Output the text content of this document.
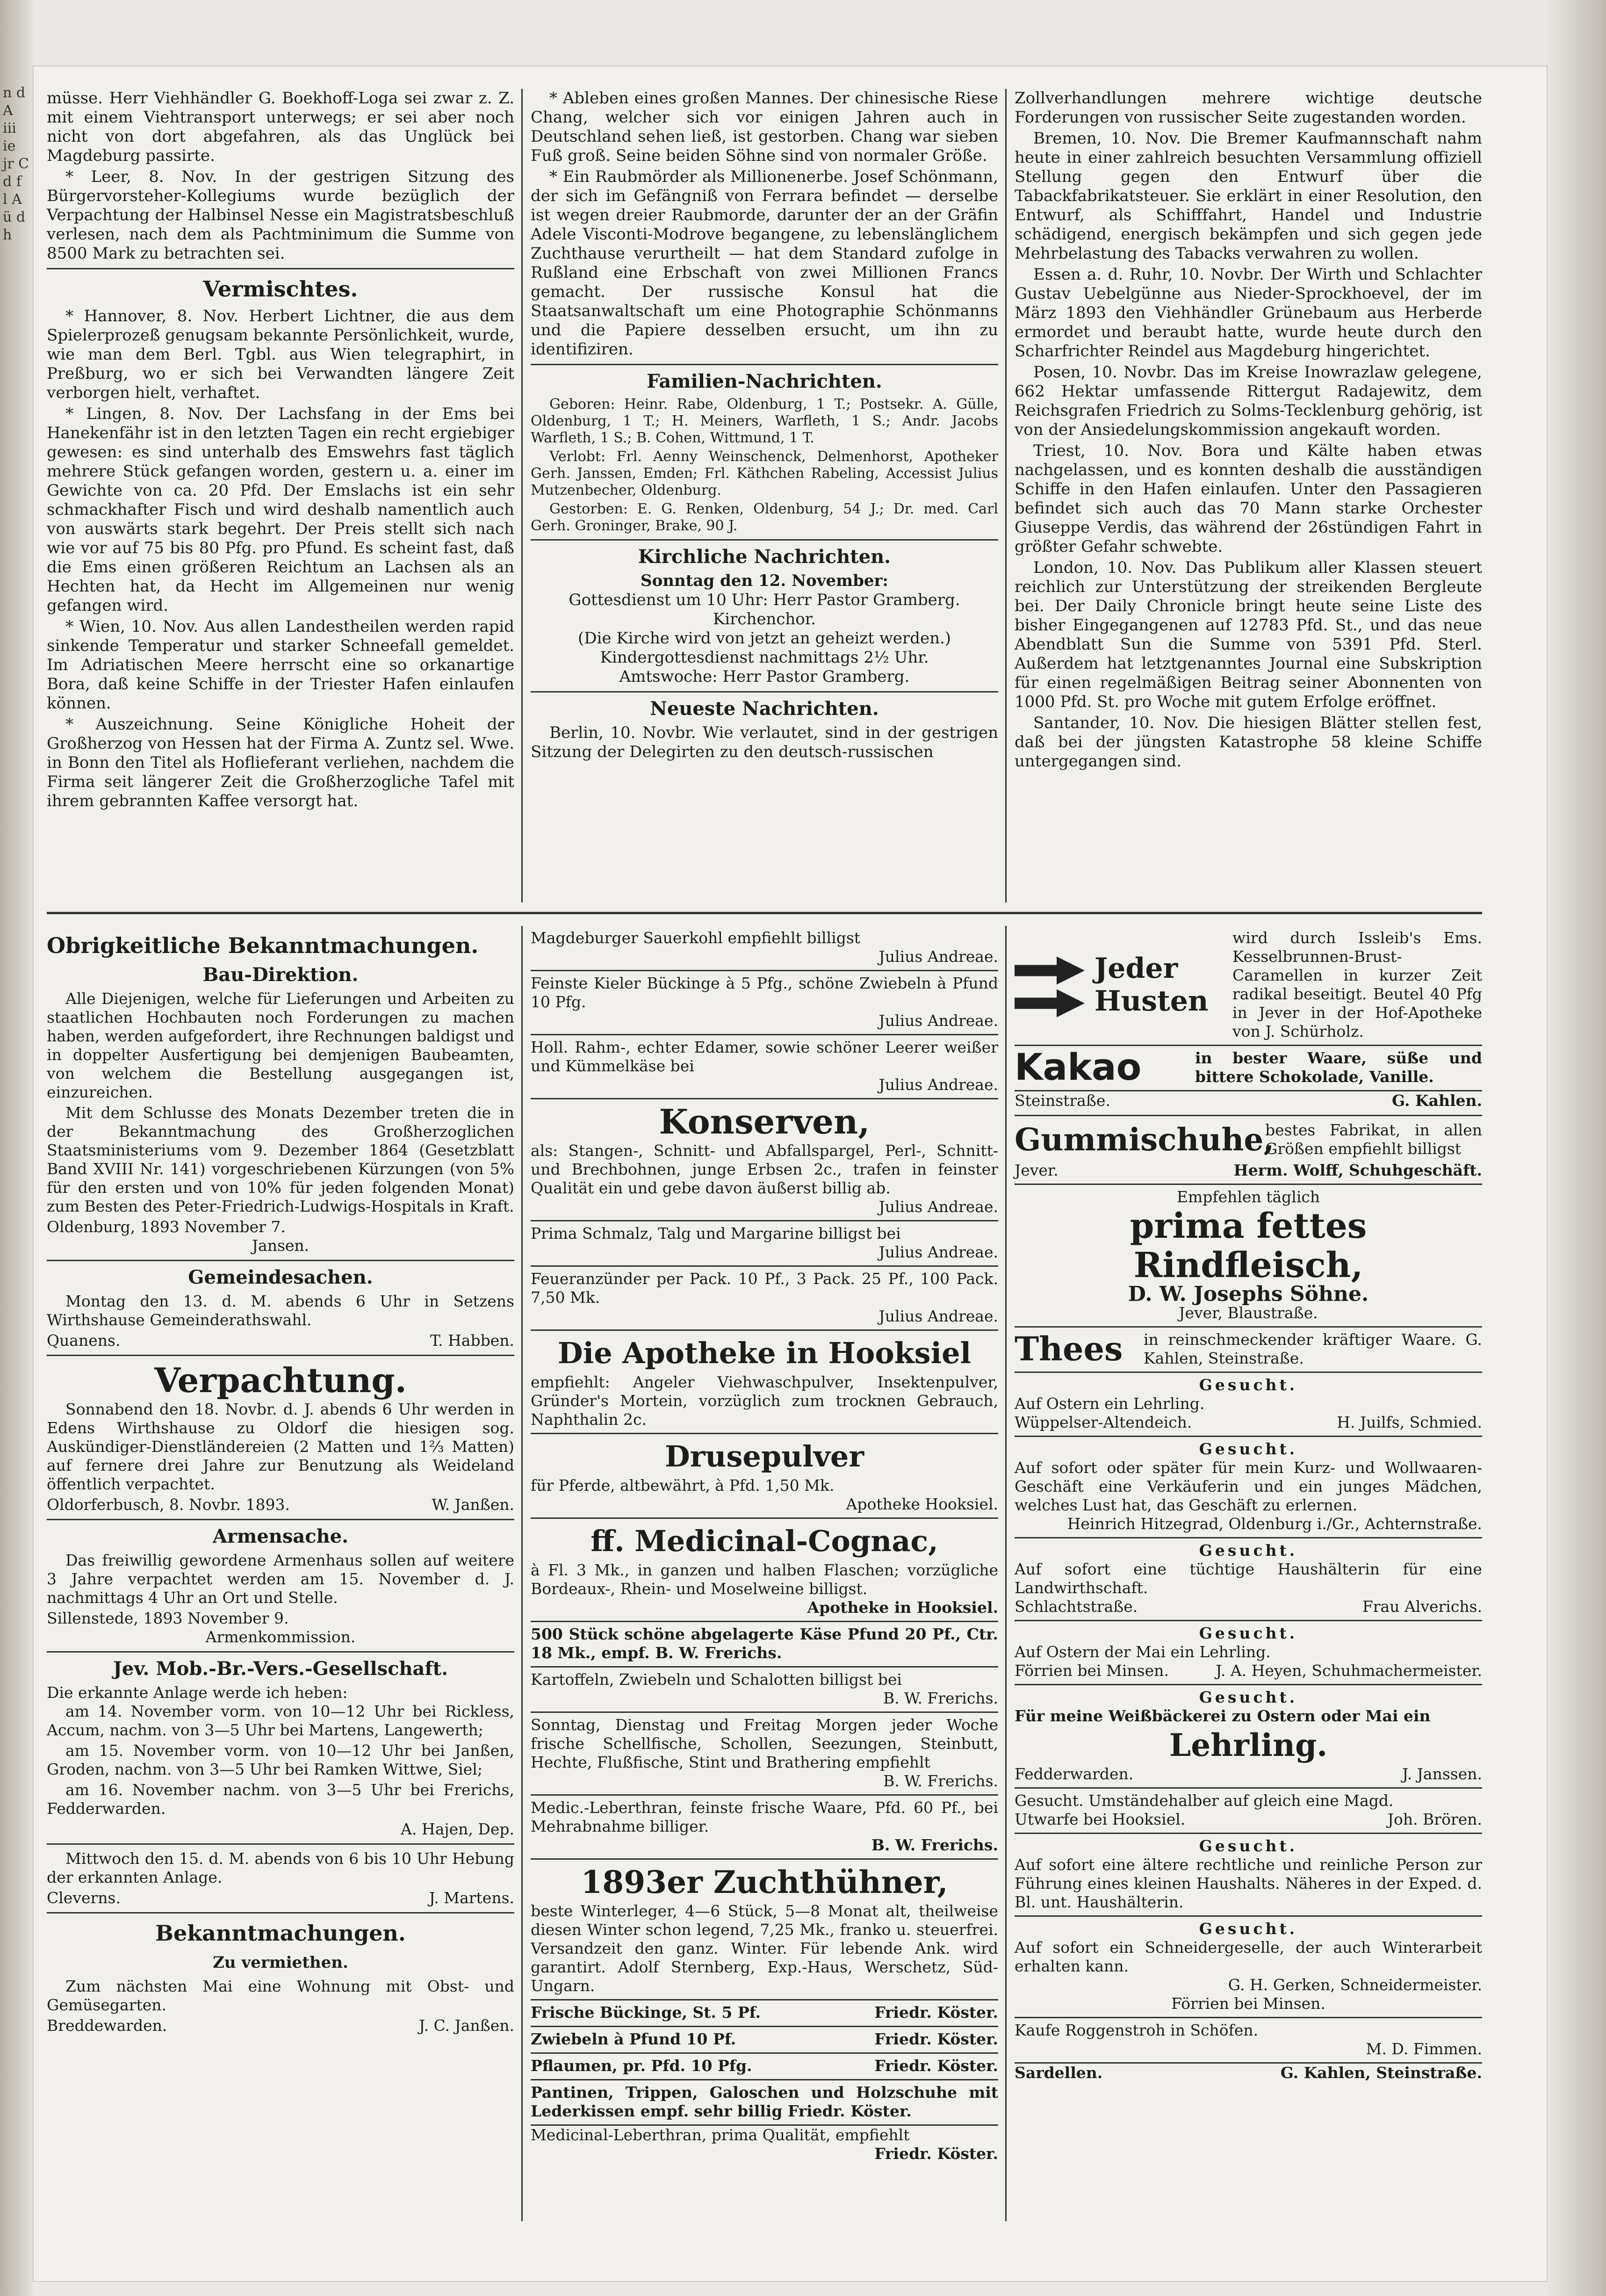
n d A iii ie jr C d f l A ü d h

müsse. Herr Viehhändler G. Boekhoff-Loga sei zwar z. Z. mit einem Viehtransport unterwegs; er sei aber noch nicht von dort abgefahren, als das Unglück bei Magdeburg passirte.

* Leer, 8. Nov. In der gestrigen Sitzung des Bürgervorsteher-Kollegiums wurde bezüglich der Verpachtung der Halbinsel Nesse ein Magistratsbeschluß verlesen, nach dem als Pachtminimum die Summe von 8500 Mark zu betrachten sei.

Vermischtes.

* Hannover, 8. Nov. Herbert Lichtner, die aus dem Spielerprozeß genugsam bekannte Persönlichkeit, wurde, wie man dem Berl. Tgbl. aus Wien telegraphirt, in Preßburg, wo er sich bei Verwandten längere Zeit verborgen hielt, verhaftet.

* Lingen, 8. Nov. Der Lachsfang in der Ems bei Hanekenfähr ist in den letzten Tagen ein recht ergiebiger gewesen: es sind unterhalb des Emswehrs fast täglich mehrere Stück gefangen worden, gestern u. a. einer im Gewichte von ca. 20 Pfd. Der Emslachs ist ein sehr schmackhafter Fisch und wird deshalb namentlich auch von auswärts stark begehrt. Der Preis stellt sich nach wie vor auf 75 bis 80 Pfg. pro Pfund. Es scheint fast, daß die Ems einen größeren Reichtum an Lachsen als an Hechten hat, da Hecht im Allgemeinen nur wenig gefangen wird.

* Wien, 10. Nov. Aus allen Landestheilen werden rapid sinkende Temperatur und starker Schneefall gemeldet. Im Adriatischen Meere herrscht eine so orkanartige Bora, daß keine Schiffe in der Triester Hafen einlaufen können.

* Auszeichnung. Seine Königliche Hoheit der Großherzog von Hessen hat der Firma A. Zuntz sel. Wwe. in Bonn den Titel als Hoflieferant verliehen, nachdem die Firma seit längerer Zeit die Großherzogliche Tafel mit ihrem gebrannten Kaffee versorgt hat.

* Ableben eines großen Mannes. Der chinesische Riese Chang, welcher sich vor einigen Jahren auch in Deutschland sehen ließ, ist gestorben. Chang war sieben Fuß groß. Seine beiden Söhne sind von normaler Größe.

* Ein Raubmörder als Millionenerbe. Josef Schönmann, der sich im Gefängniß von Ferrara befindet — derselbe ist wegen dreier Raubmorde, darunter der an der Gräfin Adele Visconti-Modrove begangene, zu lebenslänglichem Zuchthause verurtheilt — hat dem Standard zufolge in Rußland eine Erbschaft von zwei Millionen Francs gemacht. Der russische Konsul hat die Staatsanwaltschaft um eine Photographie Schönmanns und die Papiere desselben ersucht, um ihn zu identifiziren.

Familien-Nachrichten.

Geboren: Heinr. Rabe, Oldenburg, 1 T.; Postsekr. A. Gülle, Oldenburg, 1 T.; H. Meiners, Warfleth, 1 S.; Andr. Jacobs Warfleth, 1 S.; B. Cohen, Wittmund, 1 T.

Verlobt: Frl. Aenny Weinschenck, Delmenhorst, Apotheker Gerh. Janssen, Emden; Frl. Käthchen Rabeling, Accessist Julius Mutzenbecher, Oldenburg.

Gestorben: E. G. Renken, Oldenburg, 54 J.; Dr. med. Carl Gerh. Groninger, Brake, 90 J.

Kirchliche Nachrichten.
Sonntag den 12. November:
Gottesdienst um 10 Uhr: Herr Pastor Gramberg.
Kirchenchor.
(Die Kirche wird von jetzt an geheizt werden.)
Kindergottesdienst nachmittags 2½ Uhr.
Amtswoche: Herr Pastor Gramberg.
Neueste Nachrichten.

Berlin, 10. Novbr. Wie verlautet, sind in der gestrigen Sitzung der Delegirten zu den deutsch-russischen

Zollverhandlungen mehrere wichtige deutsche Forderungen von russischer Seite zugestanden worden.

Bremen, 10. Nov. Die Bremer Kaufmannschaft nahm heute in einer zahlreich besuchten Versammlung offiziell Stellung gegen den Entwurf über die Tabackfabrikatsteuer. Sie erklärt in einer Resolution, den Entwurf, als Schifffahrt, Handel und Industrie schädigend, energisch bekämpfen und sich gegen jede Mehrbelastung des Tabacks verwahren zu wollen.

Essen a. d. Ruhr, 10. Novbr. Der Wirth und Schlachter Gustav Uebelgünne aus Nieder-Sprockhoevel, der im März 1893 den Viehhändler Grünebaum aus Herberde ermordet und beraubt hatte, wurde heute durch den Scharfrichter Reindel aus Magdeburg hingerichtet.

Posen, 10. Novbr. Das im Kreise Inowrazlaw gelegene, 662 Hektar umfassende Rittergut Radajewitz, dem Reichsgrafen Friedrich zu Solms-Tecklenburg gehörig, ist von der Ansiedelungskommission angekauft worden.

Triest, 10. Nov. Bora und Kälte haben etwas nachgelassen, und es konnten deshalb die ausständigen Schiffe in den Hafen einlaufen. Unter den Passagieren befindet sich auch das 70 Mann starke Orchester Giuseppe Verdis, das während der 26stündigen Fahrt in größter Gefahr schwebte.

London, 10. Nov. Das Publikum aller Klassen steuert reichlich zur Unterstützung der streikenden Bergleute bei. Der Daily Chronicle bringt heute seine Liste des bisher Eingegangenen auf 12783 Pfd. St., und das neue Abendblatt Sun die Summe von 5391 Pfd. Sterl. Außerdem hat letztgenanntes Journal eine Subskription für einen regelmäßigen Beitrag seiner Abonnenten von 1000 Pfd. St. pro Woche mit gutem Erfolge eröffnet.

Santander, 10. Nov. Die hiesigen Blätter stellen fest, daß bei der jüngsten Katastrophe 58 kleine Schiffe untergegangen sind.

Obrigkeitliche Bekanntmachungen.
Bau-Direktion.

Alle Diejenigen, welche für Lieferungen und Arbeiten zu staatlichen Hochbauten noch Forderungen zu machen haben, werden aufgefordert, ihre Rechnungen baldigst und in doppelter Ausfertigung bei demjenigen Baubeamten, von welchem die Bestellung ausgegangen ist, einzureichen.

Mit dem Schlusse des Monats Dezember treten die in der Bekanntmachung des Großherzoglichen Staatsministeriums vom 9. Dezember 1864 (Gesetzblatt Band XVIII Nr. 141) vorgeschriebenen Kürzungen (von 5% für den ersten und von 10% für jeden folgenden Monat) zum Besten des Peter-Friedrich-Ludwigs-Hospitals in Kraft.

Oldenburg, 1893 November 7.
Jansen.
Gemeindesachen.

Montag den 13. d. M. abends 6 Uhr in Setzens Wirthshause Gemeinderathswahl.

Quanens.	T. Habben.
Verpachtung.

Sonnabend den 18. Novbr. d. J. abends 6 Uhr werden in Edens Wirthshause zu Oldorf die hiesigen sog. Auskündiger-Dienstländereien (2 Matten und 1⅔ Matten) auf fernere drei Jahre zur Benutzung als Weideland öffentlich verpachtet.

Oldorferbusch, 8. Novbr. 1893.	W. Janßen.
Armensache.

Das freiwillig gewordene Armenhaus sollen auf weitere 3 Jahre verpachtet werden am 15. November d. J. nachmittags 4 Uhr an Ort und Stelle.

Sillenstede, 1893 November 9.
Armenkommission.
Jev. Mob.-Br.-Vers.-Gesellschaft.
Die erkannte Anlage werde ich heben:

am 14. November vorm. von 10—12 Uhr bei Rickless, Accum, nachm. von 3—5 Uhr bei Martens, Langewerth;

am 15. November vorm. von 10—12 Uhr bei Janßen, Groden, nachm. von 3—5 Uhr bei Ramken Wittwe, Siel;

am 16. November nachm. von 3—5 Uhr bei Frerichs, Fedderwarden.

A. Hajen, Dep.

Mittwoch den 15. d. M. abends von 6 bis 10 Uhr Hebung der erkannten Anlage.

Cleverns.	J. Martens.
Bekanntmachungen.
Zu vermiethen.

Zum nächsten Mai eine Wohnung mit Obst- und Gemüsegarten.

Breddewarden.	J. C. Janßen.
Magdeburger Sauerkohl empfiehlt billigst
Julius Andreae.
Feinste Kieler Bückinge à 5 Pfg., schöne Zwiebeln à Pfund 10 Pfg.
Julius Andreae.
Holl. Rahm-, echter Edamer, sowie schöner Leerer weißer und Kümmelkäse bei
Julius Andreae.
Konserven,
als: Stangen-, Schnitt- und Abfallspargel, Perl-, Schnitt- und Brechbohnen, junge Erbsen 2c., trafen in feinster Qualität ein und gebe davon äußerst billig ab.
Julius Andreae.
Prima Schmalz, Talg und Margarine billigst bei
Julius Andreae.
Feueranzünder per Pack. 10 Pf., 3 Pack. 25 Pf., 100 Pack. 7,50 Mk.
Julius Andreae.
Die Apotheke in Hooksiel
empfiehlt: Angeler Viehwaschpulver, Insektenpulver, Gründer's Mortein, vorzüglich zum trocknen Gebrauch, Naphthalin 2c.
Drusepulver
für Pferde, altbewährt, à Pfd. 1,50 Mk.
Apotheke Hooksiel.
ff. Medicinal-Cognac,
à Fl. 3 Mk., in ganzen und halben Flaschen; vorzügliche Bordeaux-, Rhein- und Moselweine billigst.
Apotheke in Hooksiel.
500 Stück schöne abgelagerte Käse Pfund 20 Pf., Ctr. 18 Mk., empf. B. W. Frerichs.
Kartoffeln, Zwiebeln und Schalotten billigst bei
B. W. Frerichs.
Sonntag, Dienstag und Freitag Morgen jeder Woche frische Schellfische, Schollen, Seezungen, Steinbutt, Hechte, Flußfische, Stint und Brathering empfiehlt
B. W. Frerichs.
Medic.-Leberthran, feinste frische Waare, Pfd. 60 Pf., bei Mehrabnahme billiger.
B. W. Frerichs.
1893er Zuchthühner,
beste Winterleger, 4—6 Stück, 5—8 Monat alt, theilweise diesen Winter schon legend, 7,25 Mk., franko u. steuerfrei. Versandzeit den ganz. Winter. Für lebende Ank. wird garantirt. Adolf Sternberg, Exp.-Haus, Werschetz, Süd-Ungarn.
Frische Bückinge, St. 5 Pf.	Friedr. Köster.
Zwiebeln à Pfund 10 Pf.	Friedr. Köster.
Pflaumen, pr. Pfd. 10 Pfg.	Friedr. Köster.
Pantinen, Trippen, Galoschen und Holzschuhe mit Lederkissen empf. sehr billig Friedr. Köster.
Medicinal-Leberthran, prima Qualität, empfiehlt
Friedr. Köster.
Jeder
Husten
wird durch Issleib's Ems. Kesselbrunnen-Brust-Caramellen in kurzer Zeit radikal beseitigt. Beutel 40 Pfg in Jever in der Hof-Apotheke von J. Schürholz.
Kakao	in bester Waare, süße und bittere Schokolade, Vanille.
Steinstraße.	G. Kahlen.
Gummischuhe,
bestes Fabrikat, in allen Größen empfiehlt billigst
Jever.	Herm. Wolff, Schuhgeschäft.
Empfehlen täglich
prima fettes Rindfleisch,
D. W. Josephs Söhne.
Jever, Blaustraße.
Thees	in reinschmeckender kräftiger Waare. G. Kahlen, Steinstraße.
Gesucht.
Auf Ostern ein Lehrling.
Wüppelser-Altendeich.	H. Juilfs, Schmied.
Gesucht.
Auf sofort oder später für mein Kurz- und Wollwaaren-Geschäft eine Verkäuferin und ein junges Mädchen, welches Lust hat, das Geschäft zu erlernen.
Heinrich Hitzegrad, Oldenburg i./Gr., Achternstraße.
Gesucht.
Auf sofort eine tüchtige Haushälterin für eine Landwirthschaft.
Schlachtstraße.	Frau Alverichs.
Gesucht.
Auf Ostern der Mai ein Lehrling.
Förrien bei Minsen.	J. A. Heyen, Schuhmachermeister.
Gesucht.
Für meine Weißbäckerei zu Ostern oder Mai ein
Lehrling.
Fedderwarden.	J. Janssen.
Gesucht. Umständehalber auf gleich eine Magd.
Utwarfe bei Hooksiel.	Joh. Brören.
Gesucht.
Auf sofort eine ältere rechtliche und reinliche Person zur Führung eines kleinen Haushalts. Näheres in der Exped. d. Bl. unt. Haushälterin.
Gesucht.
Auf sofort ein Schneidergeselle, der auch Winterarbeit erhalten kann.
G. H. Gerken, Schneidermeister.
Förrien bei Minsen.
Kaufe Roggenstroh in Schöfen.
M. D. Fimmen.
Sardellen.	G. Kahlen, Steinstraße.
